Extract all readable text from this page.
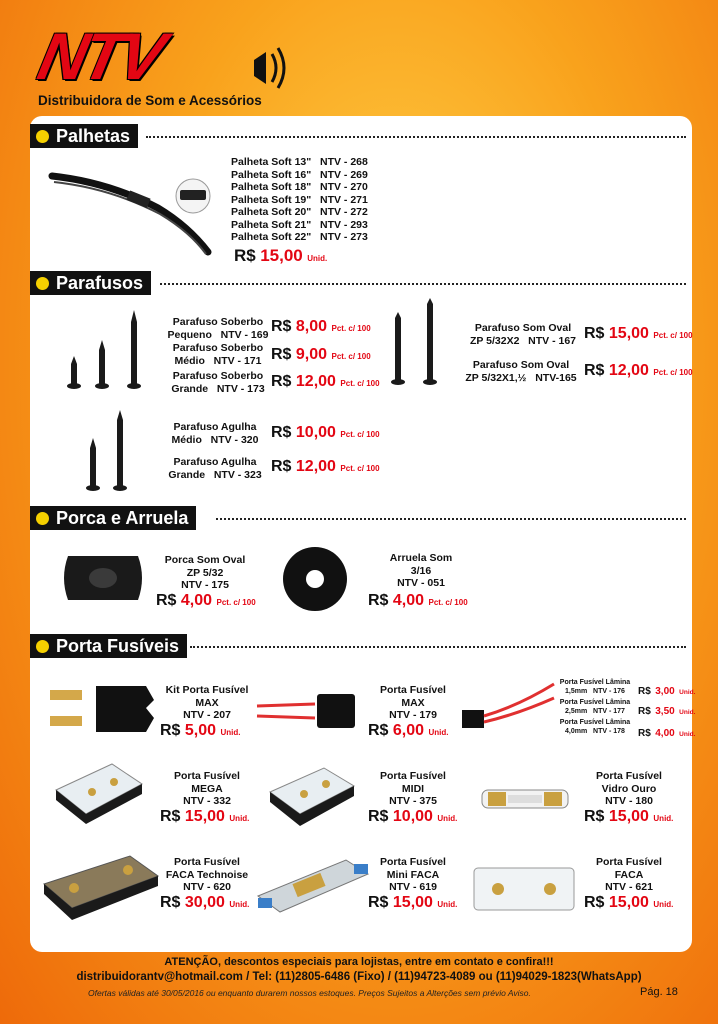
NTV
Distribuidora de Som e Acessórios
Palhetas
Palheta Soft 13"   NTV - 268
Palheta Soft 16"   NTV - 269
Palheta Soft 18"   NTV - 270
Palheta Soft 19"   NTV - 271
Palheta Soft 20"   NTV - 272
Palheta Soft 21"   NTV - 293
Palheta Soft 22"   NTV - 273
R$ 15,00 Unid.
Parafusos
Parafuso Soberbo
Pequeno   NTV - 169 R$ 8,00 Pct. c/ 100
Parafuso Soberbo
Médio   NTV - 171 R$ 9,00 Pct. c/ 100
Parafuso Soberbo
Grande   NTV - 173 R$ 12,00 Pct. c/ 100
Parafuso Som Oval
ZP 5/32X2   NTV - 167 R$ 15,00 Pct. c/ 100
Parafuso Som Oval
ZP 5/32X1,½   NTV-165 R$ 12,00 Pct. c/ 100
Parafuso Agulha
Médio   NTV - 320 R$ 10,00 Pct. c/ 100
Parafuso Agulha
Grande   NTV - 323 R$ 12,00 Pct. c/ 100
Porca e Arruela
Porca Som Oval
ZP 5/32
NTV - 175
R$ 4,00 Pct. c/ 100
Arruela Som
3/16
NTV - 051
R$ 4,00 Pct. c/ 100
Porta Fusíveis
Kit Porta Fusível
MAX
NTV - 207
R$ 5,00 Unid.
Porta Fusível
MAX
NTV - 179
R$ 6,00 Unid.
Porta Fusível Lâmina
1,5mm   NTV - 176	R$ 3,00 Unid.
Porta Fusível Lâmina
2,5mm   NTV - 177	R$ 3,50 Unid.
Porta Fusível Lâmina
4,0mm   NTV - 178	R$ 4,00 Unid.
Porta Fusível
MEGA
NTV - 332
R$ 15,00 Unid.
Porta Fusível
MIDI
NTV - 375
R$ 10,00 Unid.
Porta Fusível
Vidro Ouro
NTV - 180
R$ 15,00 Unid.
Porta Fusível
FACA Technoise
NTV - 620
R$ 30,00 Unid.
Porta Fusível
Mini FACA
NTV - 619
R$ 15,00 Unid.
Porta Fusível
FACA
NTV - 621
R$ 15,00 Unid.
ATENÇÃO, descontos especiais para lojistas, entre em contato e confira!!!
distribuidorantv@hotmail.com / Tel: (11)2805-6486 (Fixo) / (11)94723-4089 ou (11)94029-1823(WhatsApp)
Ofertas válidas até 30/05/2016 ou enquanto durarem nossos estoques. Preços Sujeitos a Alterções sem prévio Aviso.	Pág. 18
